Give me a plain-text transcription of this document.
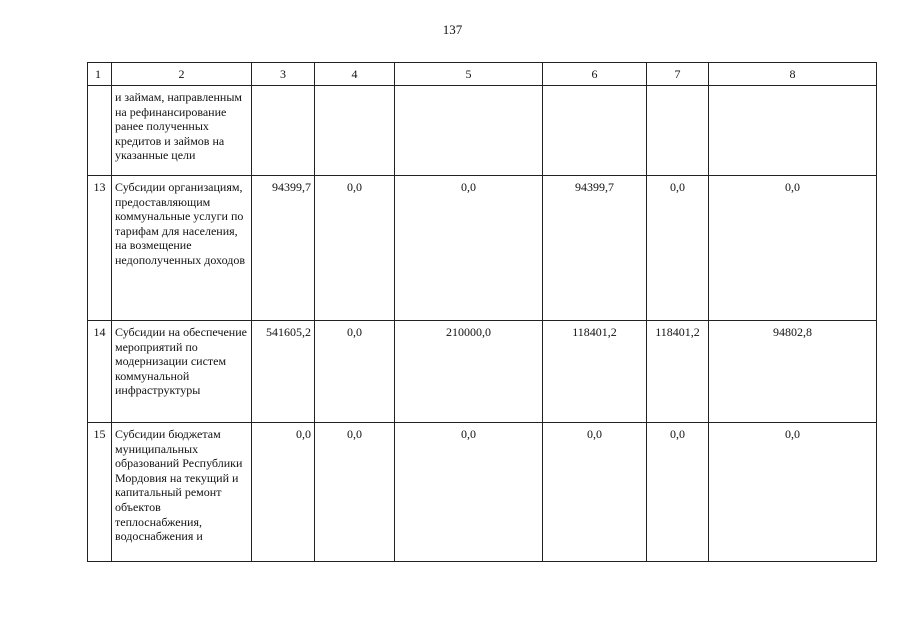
137
1	2	3	4	5	6	7	8
	и займам, направленным на рефинансирование ранее полученных кредитов и займов на указанные цели						
13	Субсидии организациям, предоставляющим коммунальные услуги по тарифам для населения, на возмещение недополученных доходов	94399,7	0,0	0,0	94399,7	0,0	0,0
14	Субсидии на обеспечение мероприятий по модернизации систем коммунальной инфраструктуры	541605,2	0,0	210000,0	118401,2	118401,2	94802,8
15	Субсидии бюджетам муниципальных образований Республики Мордовия на текущий и капитальный ремонт объектов теплоснабжения, водоснабжения и	0,0	0,0	0,0	0,0	0,0	0,0
